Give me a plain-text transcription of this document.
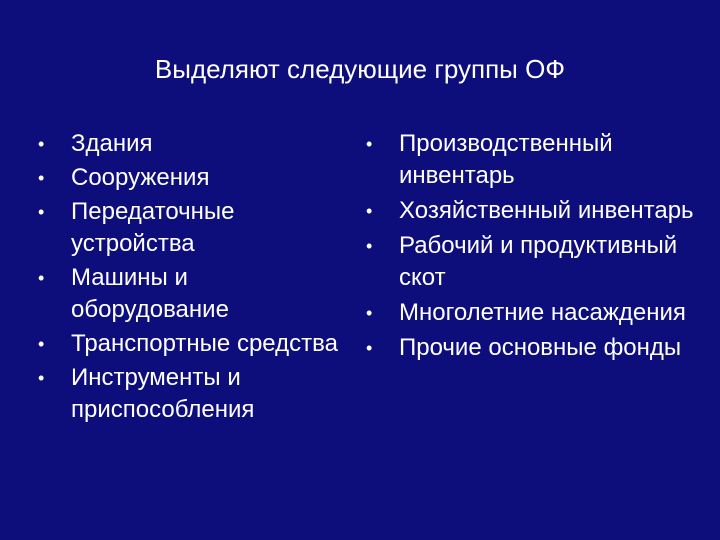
Выделяют следующие группы ОФ
• Здания
• Сооружения
• Передаточные устройства
• Машины и оборудование
• Транспортные средства
• Инструменты и приспособления
• Производственный инвентарь
• Хозяйственный инвентарь
• Рабочий и продуктивный скот
• Многолетние насаждения
• Прочие основные фонды
